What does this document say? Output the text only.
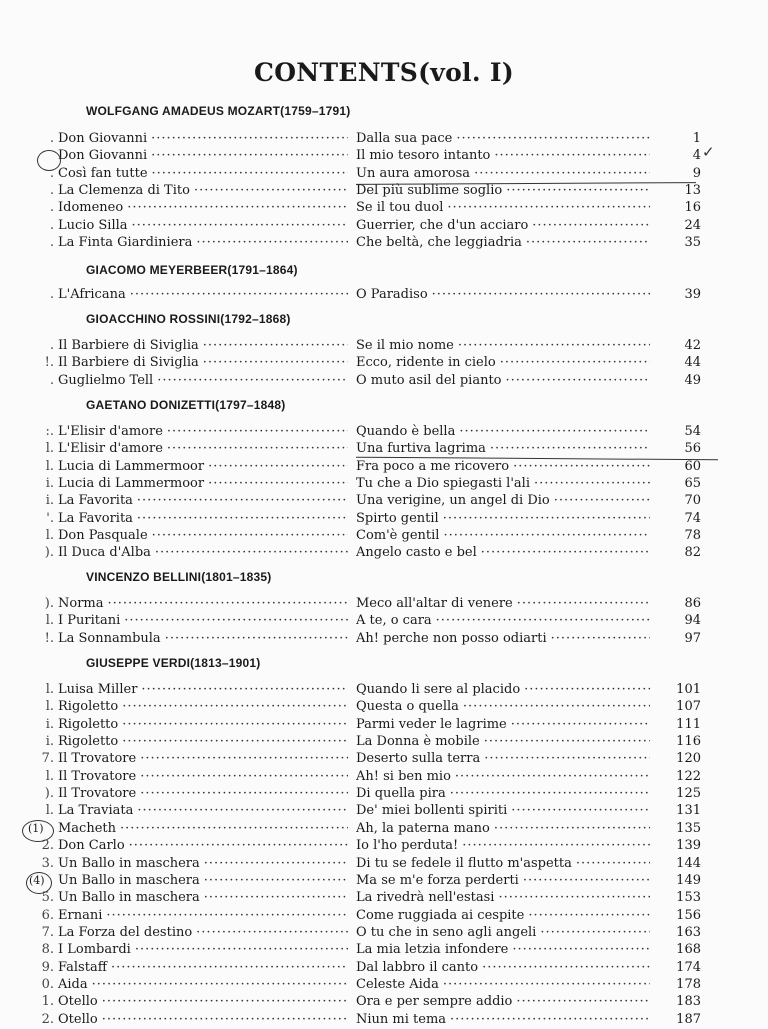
CONTENTS(vol. Ⅰ)
WOLFGANG AMADEUS MOZART(1759–1791)
. Don Giovanni ·····	Dalla sua pace ·····	1
Don Giovanni ·····	Il mio tesoro intanto ·····	4
. Così fan tutte ·····	Un aura amorosa ·····	9
. La Clemenza di Tito ·····	Del più sublime soglio ·····	13
. Idomeneo ·····	Se il tou duol ·····	16
. Lucio Silla ·····	Guerrier, che d'un acciaro ·····	24
. La Finta Giardiniera ·····	Che beltà, che leggiadria ·····	35
GIACOMO MEYERBEER(1791–1864)
. L'Africana ·····	O Paradiso ·····	39
GIOACCHINO ROSSINI(1792–1868)
. Il Barbiere di Siviglia ·····	Se il mio nome ·····	42
!. Il Barbiere di Siviglia ·····	Ecco, ridente in cielo ·····	44
. Guglielmo Tell ·····	O muto asil del pianto ·····	49
GAETANO DONIZETTI(1797–1848)
:. L'Elisir d'amore ·····	Quando è bella ·····	54
l. L'Elisir d'amore ·····	Una furtiva lagrima ·····	56
l. Lucia di Lammermoor ·····	Fra poco a me ricovero ·····	60
i. Lucia di Lammermoor ·····	Tu che a Dio spiegasti l'ali ·····	65
i. La Favorita ·····	Una verigine, un angel di Dio ·····	70
'. La Favorita ·····	Spirto gentil ·····	74
l. Don Pasquale ·····	Com'è gentil ·····	78
). Il Duca d'Alba ·····	Angelo casto e bel ·····	82
VINCENZO BELLINI(1801–1835)
). Norma ·····	Meco all'altar di venere ·····	86
l. I Puritani ·····	A te, o cara ·····	94
!. La Sonnambula ·····	Ah! perche non posso odiarti ·····	97
GIUSEPPE VERDI(1813–1901)
l. Luisa Miller ·····	Quando li sere al placido ·····	101
l. Rigoletto ·····	Questa o quella ·····	107
i. Rigoletto ·····	Parmi veder le lagrime ·····	111
i. Rigoletto ·····	La Donna è mobile ·····	116
7. Il Trovatore ·····	Deserto sulla terra ·····	120
l. Il Trovatore ·····	Ah! si ben mio ·····	122
). Il Trovatore ·····	Di quella pira ·····	125
l. La Traviata ·····	De' miei bollenti spiriti ·····	131
Macheth ·····	Ah, la paterna mano ·····	135
2. Don Carlo ·····	Io l'ho perduta! ·····	139
3. Un Ballo in maschera ·····	Di tu se fedele il flutto m'aspetta ·····	144
Un Ballo in maschera ·····	Ma se m'e forza perderti ·····	149
5. Un Ballo in maschera ·····	La rivedrà nell'estasi ·····	153
6. Ernani ·····	Come ruggiada ai cespite ·····	156
7. La Forza del destino ·····	O tu che in seno agli angeli ·····	163
8. I Lombardi ·····	La mia letzia infondere ·····	168
9. Falstaff ·····	Dal labbro il canto ·····	174
0. Aida ·····	Celeste Aida ·····	178
1. Otello ·····	Ora e per sempre addio ·····	183
2. Otello ·····	Niun mi tema ·····	187
✓
(1)
(4)
